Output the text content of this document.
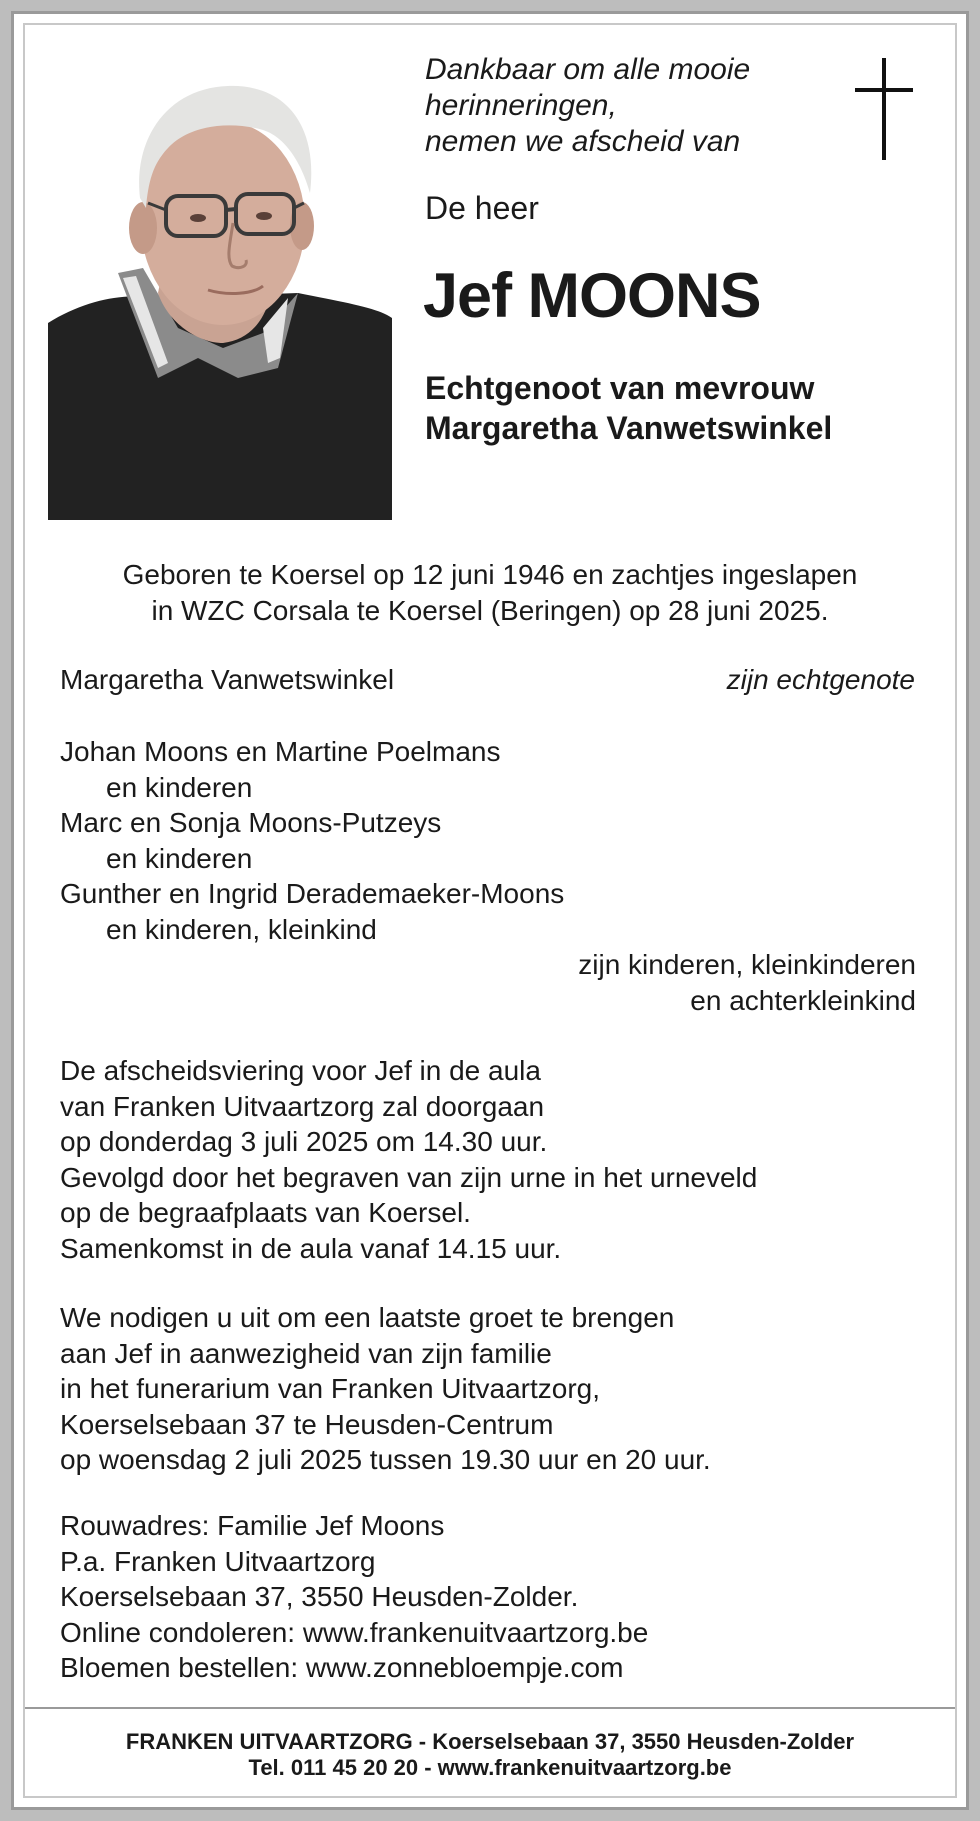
Dankbaar om alle mooie
herinneringen,
nemen we afscheid van
De heer
Jef MOONS
Echtgenoot van mevrouw
Margaretha Vanwetswinkel
Geboren te Koersel op 12 juni 1946 en zachtjes ingeslapen
in WZC Corsala te Koersel (Beringen) op 28 juni 2025.
Margaretha Vanwetswinkel	zijn echtgenote
Johan Moons en Martine Poelmans
en kinderen
Marc en Sonja Moons-Putzeys
en kinderen
Gunther en Ingrid Derademaeker-Moons
en kinderen, kleinkind
zijn kinderen, kleinkinderen
en achterkleinkind
De afscheidsviering voor Jef in de aula
van Franken Uitvaartzorg zal doorgaan
op donderdag 3 juli 2025 om 14.30 uur.
Gevolgd door het begraven van zijn urne in het urneveld
op de begraafplaats van Koersel.
Samenkomst in de aula vanaf 14.15 uur.
We nodigen u uit om een laatste groet te brengen
aan Jef in aanwezigheid van zijn familie
in het funerarium van Franken Uitvaartzorg,
Koerselsebaan 37 te Heusden-Centrum
op woensdag 2 juli 2025 tussen 19.30 uur en 20 uur.
Rouwadres: Familie Jef Moons
P.a. Franken Uitvaartzorg
Koerselsebaan 37, 3550 Heusden-Zolder.
Online condoleren: www.frankenuitvaartzorg.be
Bloemen bestellen: www.zonnebloempje.com
FRANKEN UITVAARTZORG - Koerselsebaan 37, 3550 Heusden-Zolder
Tel. 011 45 20 20 - www.frankenuitvaartzorg.be
